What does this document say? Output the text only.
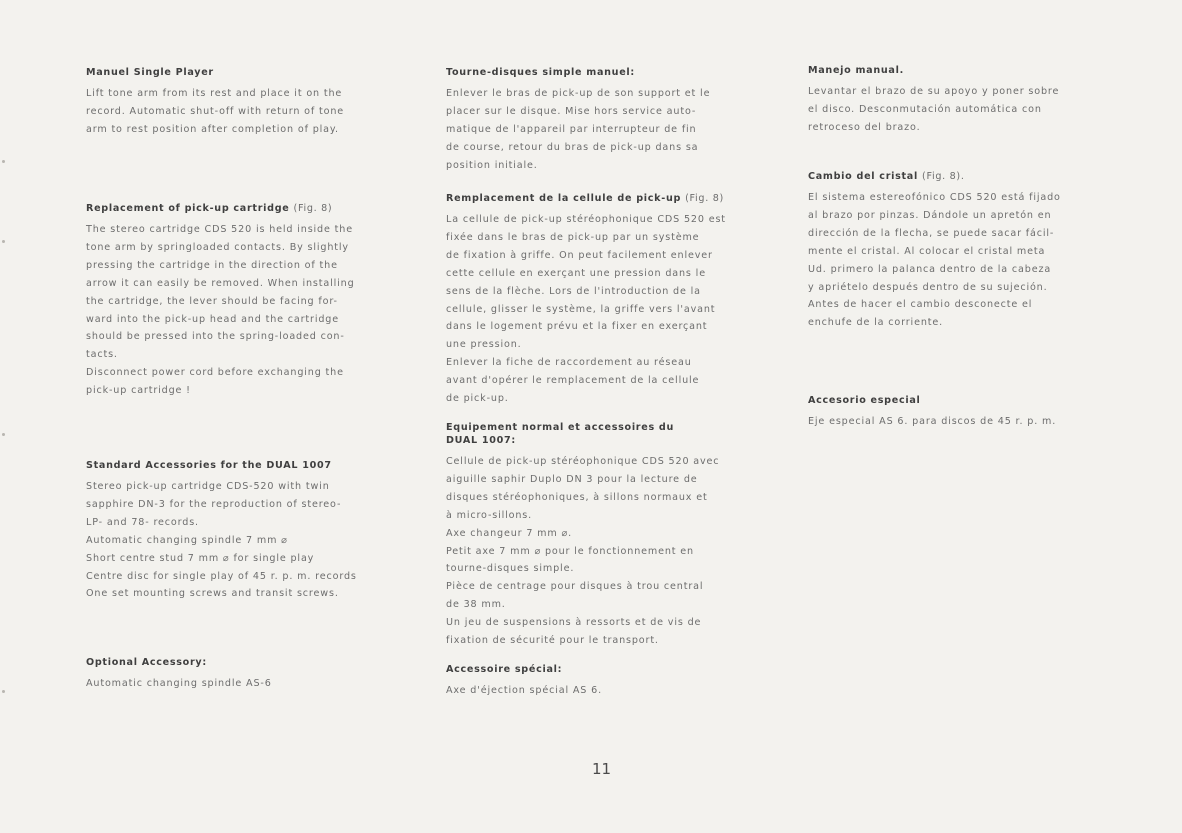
Manuel Single Player
Lift tone arm from its rest and place it on the
record. Automatic shut-off with return of tone
arm to rest position after completion of play.
Replacement of pick-up cartridge (Fig. 8)
The stereo cartridge CDS 520 is held inside the
tone arm by springloaded contacts. By slightly
pressing the cartridge in the direction of the
arrow it can easily be removed. When installing
the cartridge, the lever should be facing for-
ward into the pick-up head and the cartridge
should be pressed into the spring-loaded con-
tacts.
Disconnect power cord before exchanging the
pick-up cartridge !
Standard Accessories for the DUAL 1007
Stereo pick-up cartridge CDS-520 with twin
sapphire DN-3 for the reproduction of stereo-
LP- and 78- records.
Automatic changing spindle 7 mm ⌀
Short centre stud 7 mm ⌀ for single play
Centre disc for single play of 45 r. p. m. records
One set mounting screws and transit screws.
Optional Accessory:
Automatic changing spindle AS-6
Tourne-disques simple manuel:
Enlever le bras de pick-up de son support et le
placer sur le disque. Mise hors service auto-
matique de l'appareil par interrupteur de fin
de course, retour du bras de pick-up dans sa
position initiale.
Remplacement de la cellule de pick-up (Fig. 8)
La cellule de pick-up stéréophonique CDS 520 est
fixée dans le bras de pick-up par un système
de fixation à griffe. On peut facilement enlever
cette cellule en exerçant une pression dans le
sens de la flèche. Lors de l'introduction de la
cellule, glisser le système, la griffe vers l'avant
dans le logement prévu et la fixer en exerçant
une pression.
Enlever la fiche de raccordement au réseau
avant d'opérer le remplacement de la cellule
de pick-up.
Equipement normal et accessoires du
DUAL 1007:
Cellule de pick-up stéréophonique CDS 520 avec
aiguille saphir Duplo DN 3 pour la lecture de
disques stéréophoniques, à sillons normaux et
à micro-sillons.
Axe changeur 7 mm ⌀.
Petit axe 7 mm ⌀ pour le fonctionnement en
tourne-disques simple.
Pièce de centrage pour disques à trou central
de 38 mm.
Un jeu de suspensions à ressorts et de vis de
fixation de sécurité pour le transport.
Accessoire spécial:
Axe d'éjection spécial AS 6.
Manejo manual.
Levantar el brazo de su apoyo y poner sobre
el disco. Desconmutación automática con
retroceso del brazo.
Cambio del cristal (Fig. 8).
El sistema estereofónico CDS 520 está fijado
al brazo por pinzas. Dándole un apretón en
dirección de la flecha, se puede sacar fácil-
mente el cristal. Al colocar el cristal meta
Ud. primero la palanca dentro de la cabeza
y apriételo después dentro de su sujeción.
Antes de hacer el cambio desconecte el
enchufe de la corriente.
Accesorio especial
Eje especial AS 6. para discos de 45 r. p. m.
11
